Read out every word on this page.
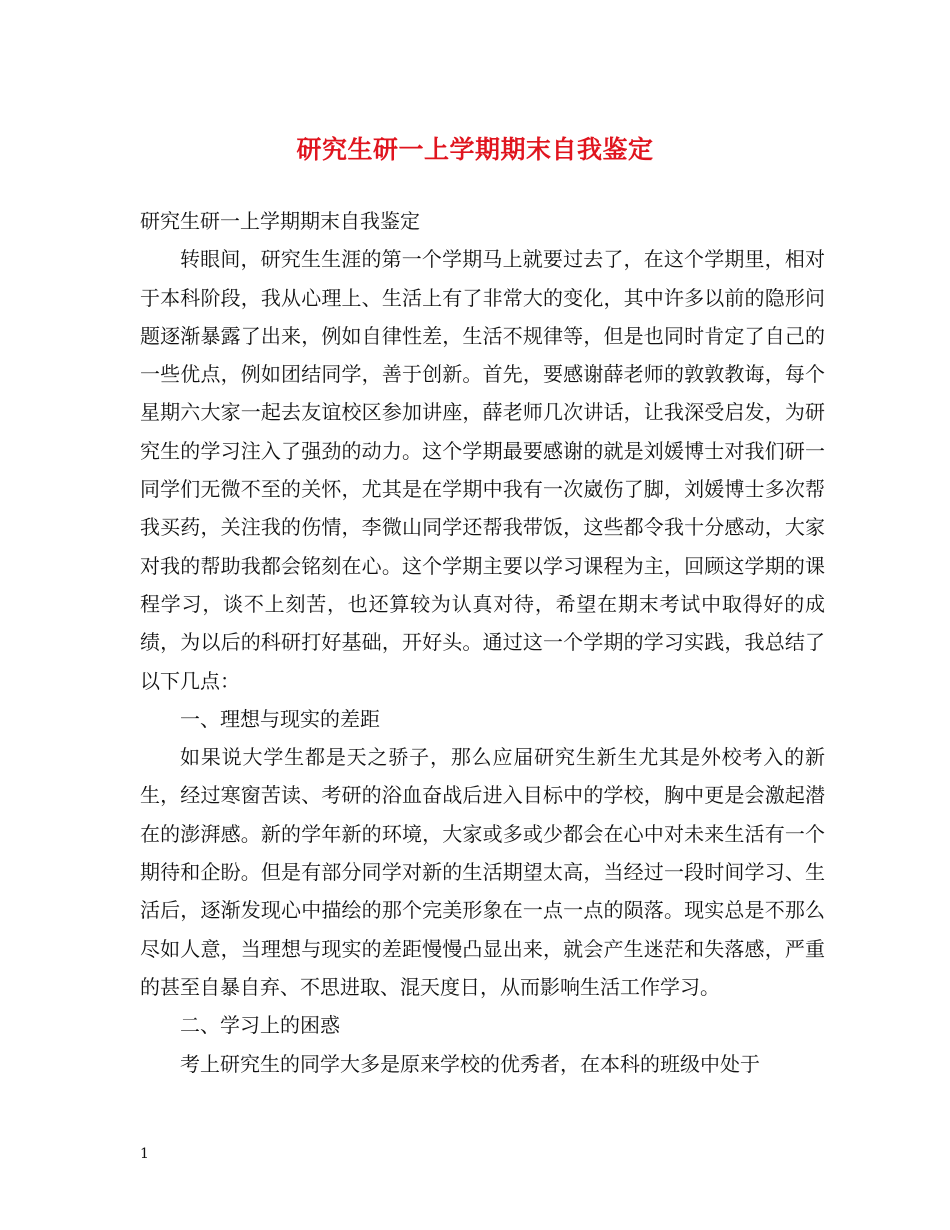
研究生研一上学期期末自我鉴定

研究生研一上学期期末自我鉴定

转眼间，研究生生涯的第一个学期马上就要过去了，在这个学期里，相对于本科阶段，我从心理上、生活上有了非常大的变化，其中许多以前的隐形问题逐渐暴露了出来，例如自律性差，生活不规律等，但是也同时肯定了自己的一些优点，例如团结同学，善于创新。首先，要感谢薛老师的敦敦教诲，每个星期六大家一起去友谊校区参加讲座，薛老师几次讲话，让我深受启发，为研究生的学习注入了强劲的动力。这个学期最要感谢的就是刘媛博士对我们研一同学们无微不至的关怀，尤其是在学期中我有一次崴伤了脚，刘媛博士多次帮我买药，关注我的伤情，李微山同学还帮我带饭，这些都令我十分感动，大家对我的帮助我都会铭刻在心。这个学期主要以学习课程为主，回顾这学期的课程学习，谈不上刻苦，也还算较为认真对待，希望在期末考试中取得好的成绩，为以后的科研打好基础，开好头。通过这一个学期的学习实践，我总结了以下几点：

一、理想与现实的差距

如果说大学生都是天之骄子，那么应届研究生新生尤其是外校考入的新生，经过寒窗苦读、考研的浴血奋战后进入目标中的学校，胸中更是会激起潜在的澎湃感。新的学年新的环境，大家或多或少都会在心中对未来生活有一个期待和企盼。但是有部分同学对新的生活期望太高，当经过一段时间学习、生活后，逐渐发现心中描绘的那个完美形象在一点一点的陨落。现实总是不那么尽如人意，当理想与现实的差距慢慢凸显出来，就会产生迷茫和失落感，严重的甚至自暴自弃、不思进取、混天度日，从而影响生活工作学习。

二、学习上的困惑

考上研究生的同学大多是原来学校的优秀者，在本科的班级中处于

1
